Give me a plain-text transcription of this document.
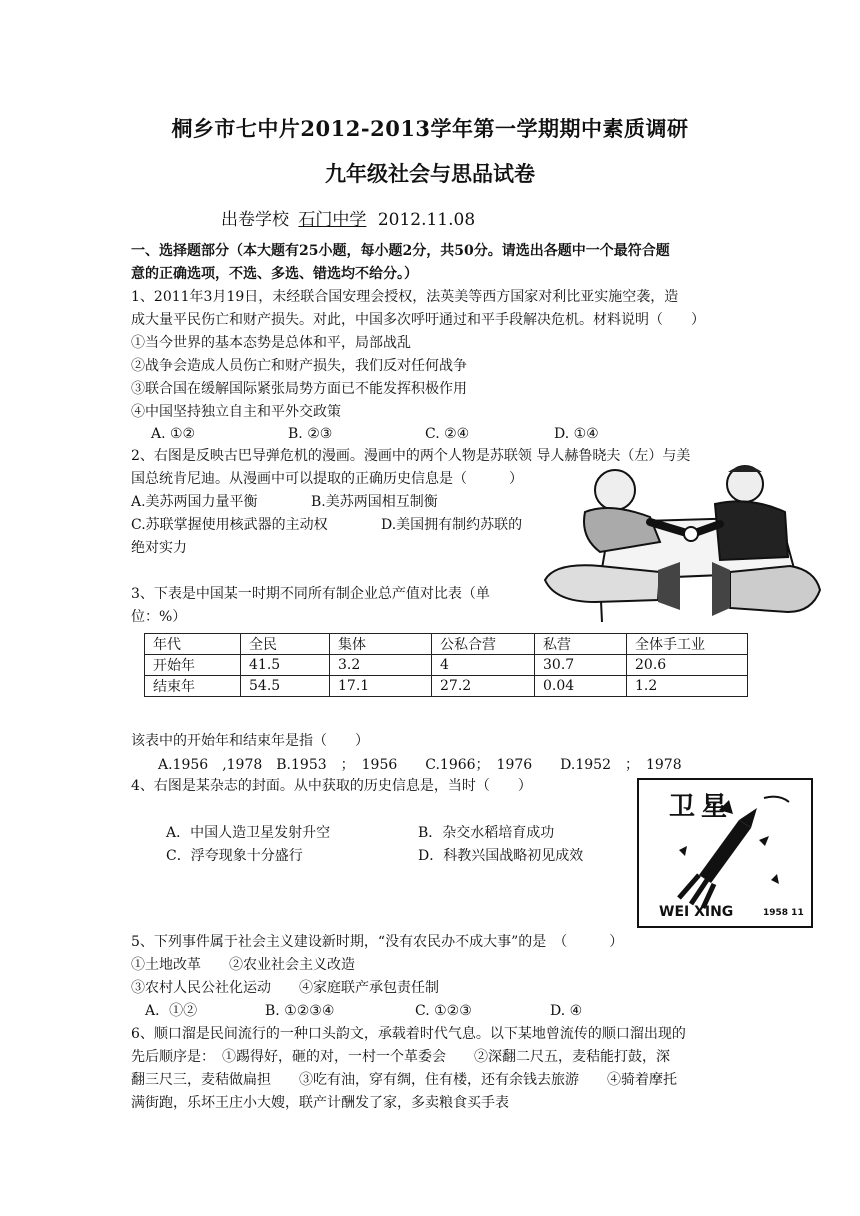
桐乡市七中片2012-2013学年第一学期期中素质调研
九年级社会与思品试卷
出卷学校 石门中学 2012.11.08
一、选择题部分（本大题有25小题，每小题2分，共50分。请选出各题中一个最符合题
意的正确选项，不选、多选、错选均不给分。）
1、2011年3月19日，未经联合国安理会授权，法英美等西方国家对利比亚实施空袭，造
成大量平民伤亡和财产损失。对此，中国多次呼吁通过和平手段解决危机。材料说明（　　）
①当今世界的基本态势是总体和平，局部战乱
②战争会造成人员伤亡和财产损失，我们反对任何战争
③联合国在缓解国际紧张局势方面已不能发挥积极作用
④中国坚持独立自主和平外交政策
A. ①②	B. ②③	C. ②④	D. ①④
2、右图是反映古巴导弹危机的漫画。漫画中的两个人物是苏联领 导人赫鲁晓夫（左）与美
国总统肯尼迪。从漫画中可以提取的正确历史信息是（　　　）
A.美苏两国力量平衡	B.美苏两国相互制衡
C.苏联掌握使用核武器的主动权	D.美国拥有制约苏联的
绝对实力
3、下表是中国某一时期不同所有制企业总产值对比表（单
位：%）
年代	全民	集体	公私合营	私营	全体手工业
开始年	41.5	3.2	4	30.7	20.6
结束年	54.5	17.1	27.2	0.04	1.2
该表中的开始年和结束年是指（　　）
A.1956　,1978　B.1953　；　1956　　C.1966；　1976　　D.1952　；　1978
4、右图是某杂志的封面。从中获取的历史信息是，当时（　　）
A．中国人造卫星发射升空	B．杂交水稻培育成功
C．浮夸现象十分盛行	D．科教兴国战略初见成效
卫星
WEI XING	1958 11
5、下列事件属于社会主义建设新时期，“没有农民办不成大事”的是　（　　　）
①土地改革　　②农业社会主义改造
③农村人民公社化运动　　④家庭联产承包责任制
A．①②	B. ①②③④	C. ①②③	D. ④
6、顺口溜是民间流行的一种口头韵文，承载着时代气息。以下某地曾流传的顺口溜出现的
先后顺序是：　①踢得好，砸的对，一村一个革委会　　②深翻二尺五，麦秸能打鼓，深
翻三尺三，麦秸做扁担　　③吃有油，穿有绸，住有楼，还有余钱去旅游　　④骑着摩托
满街跑，乐坏王庄小大嫂，联产计酬发了家，多卖粮食买手表
